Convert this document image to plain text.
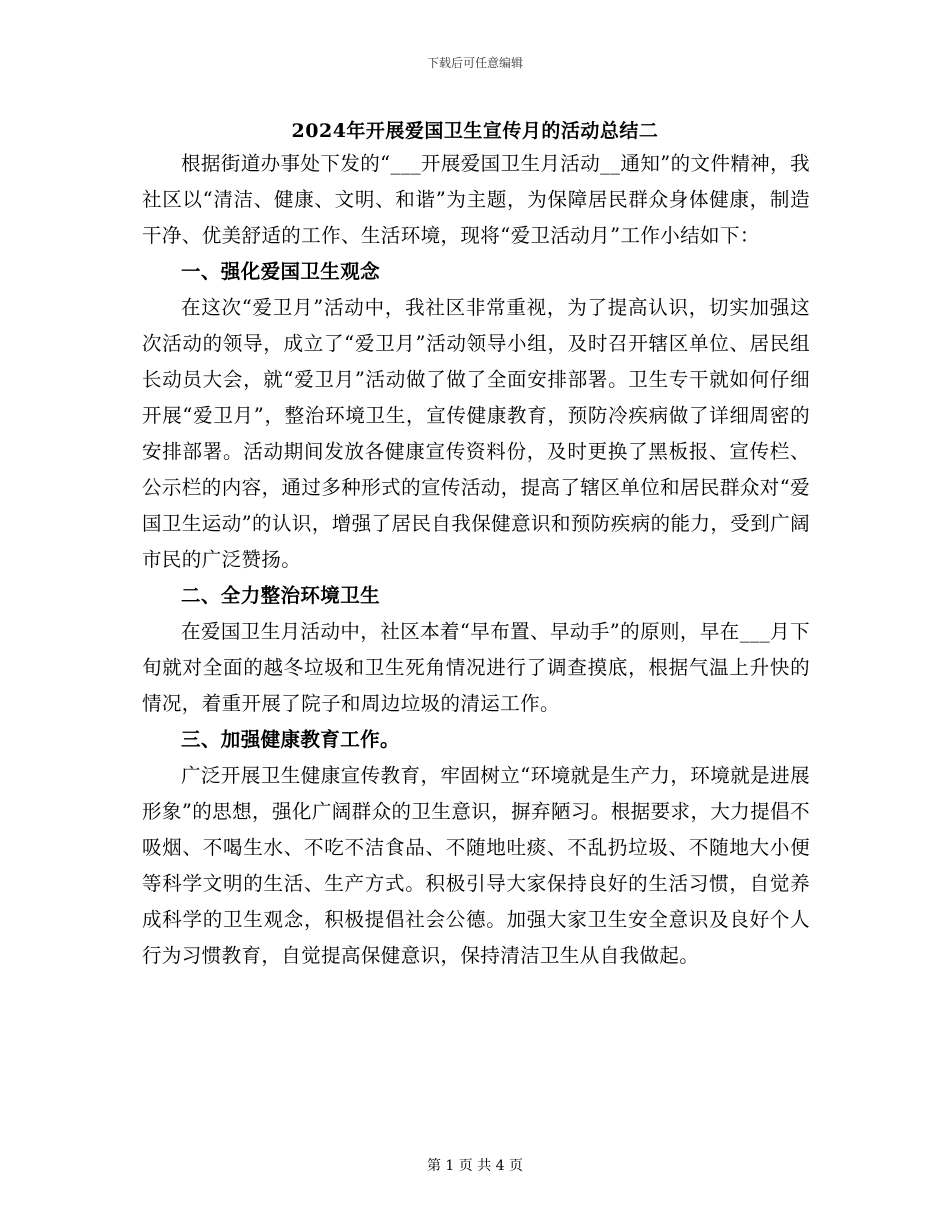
下载后可任意编辑
2024年开展爱国卫生宣传月的活动总结二

根据街道办事处下发的“___开展爱国卫生月活动__通知”的文件精神，我社区以“清洁、健康、文明、和谐”为主题，为保障居民群众身体健康，制造干净、优美舒适的工作、生活环境，现将“爱卫活动月”工作小结如下：

一、强化爱国卫生观念

在这次“爱卫月”活动中，我社区非常重视，为了提高认识，切实加强这次活动的领导，成立了“爱卫月”活动领导小组，及时召开辖区单位、居民组长动员大会，就“爱卫月”活动做了做了全面安排部署。卫生专干就如何仔细开展“爱卫月”，整治环境卫生，宣传健康教育，预防冷疾病做了详细周密的安排部署。活动期间发放各健康宣传资料份，及时更换了黑板报、宣传栏、公示栏的内容，通过多种形式的宣传活动，提高了辖区单位和居民群众对“爱国卫生运动”的认识，增强了居民自我保健意识和预防疾病的能力，受到广阔市民的广泛赞扬。

二、全力整治环境卫生

在爱国卫生月活动中，社区本着“早布置、早动手”的原则，早在___月下旬就对全面的越冬垃圾和卫生死角情况进行了调查摸底，根据气温上升快的情况，着重开展了院子和周边垃圾的清运工作。

三、加强健康教育工作。

广泛开展卫生健康宣传教育，牢固树立“环境就是生产力，环境就是进展形象”的思想，强化广阔群众的卫生意识，摒弃陋习。根据要求，大力提倡不吸烟、不喝生水、不吃不洁食品、不随地吐痰、不乱扔垃圾、不随地大小便等科学文明的生活、生产方式。积极引导大家保持良好的生活习惯，自觉养成科学的卫生观念，积极提倡社会公德。加强大家卫生安全意识及良好个人行为习惯教育，自觉提高保健意识，保持清洁卫生从自我做起。

第 1 页 共 4 页
